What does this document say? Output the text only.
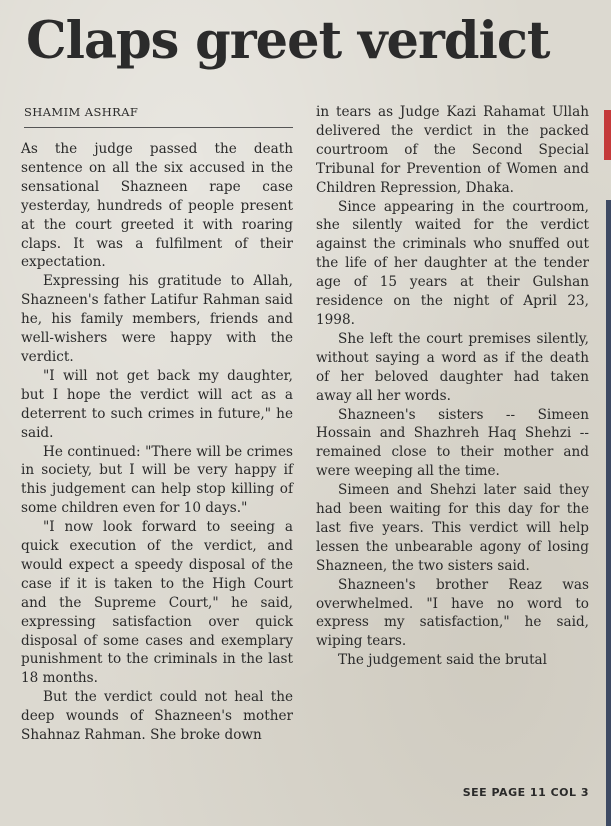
Claps greet verdict
SHAMIM ASHRAF

As the judge passed the death sentence on all the six accused in the sensational Shazneen rape case yesterday, hundreds of people present at the court greeted it with roaring claps. It was a fulfilment of their expectation.

Expressing his gratitude to Allah, Shazneen's father Latifur Rahman said he, his family members, friends and well-wishers were happy with the verdict.

"I will not get back my daughter, but I hope the verdict will act as a deterrent to such crimes in future," he said.

He continued: "There will be crimes in society, but I will be very happy if this judgement can help stop killing of some children even for 10 days."

"I now look forward to seeing a quick execution of the verdict, and would expect a speedy disposal of the case if it is taken to the High Court and the Supreme Court," he said, expressing satisfaction over quick disposal of some cases and exemplary punishment to the criminals in the last 18 months.

But the verdict could not heal the deep wounds of Shazneen's mother Shahnaz Rahman. She broke down

in tears as Judge Kazi Rahamat Ullah delivered the verdict in the packed courtroom of the Second Special Tribunal for Prevention of Women and Children Repression, Dhaka.

Since appearing in the courtroom, she silently waited for the verdict against the criminals who snuffed out the life of her daughter at the tender age of 15 years at their Gulshan residence on the night of April 23, 1998.

She left the court premises silently, without saying a word as if the death of her beloved daughter had taken away all her words.

Shazneen's sisters -- Simeen Hossain and Shazhreh Haq Shehzi -- remained close to their mother and were weeping all the time.

Simeen and Shehzi later said they had been waiting for this day for the last five years. This verdict will help lessen the unbearable agony of losing Shazneen, the two sisters said.

Shazneen's brother Reaz was overwhelmed. "I have no word to express my satisfaction," he said, wiping tears.

The judgement said the brutal

SEE PAGE 11 COL 3
